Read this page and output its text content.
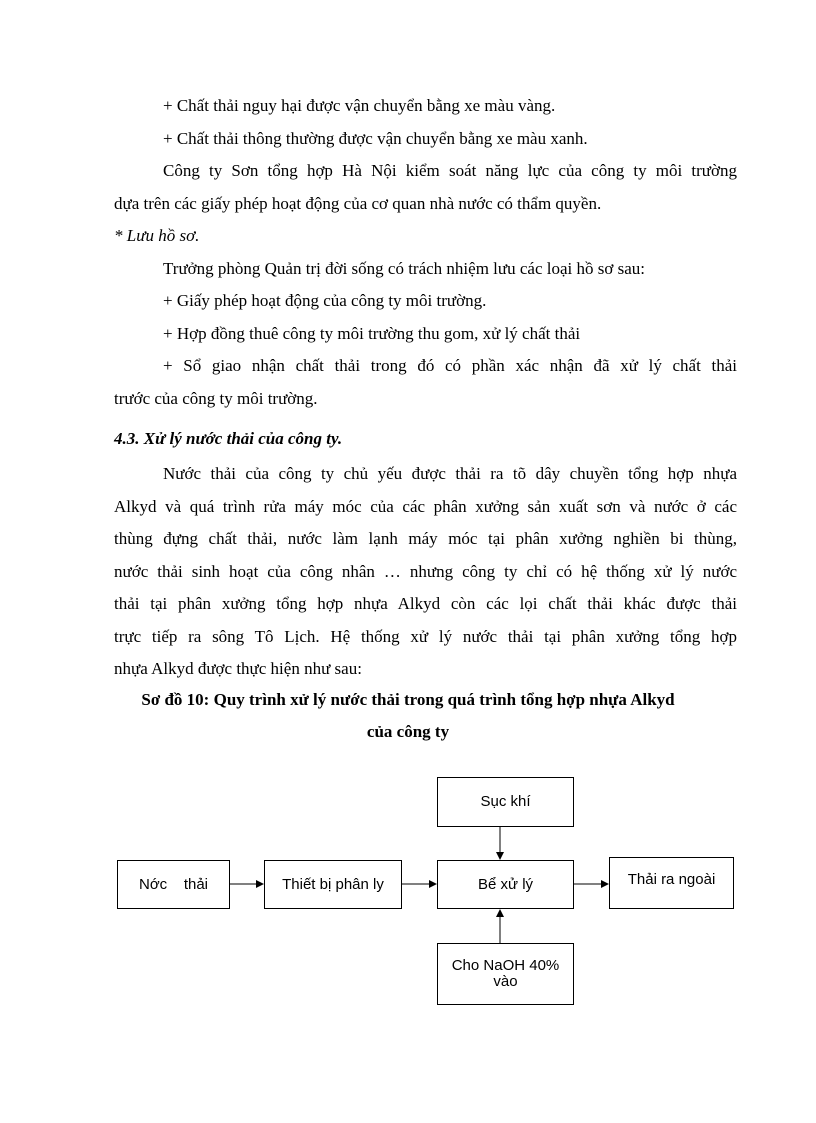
+ Chất thải nguy hại được vận chuyển bằng xe màu vàng.
+ Chất thải thông thường được vận chuyển bằng xe màu xanh.
Công ty Sơn tổng hợp Hà Nội kiểm soát năng lực của công ty môi trường
dựa trên các giấy phép hoạt động của cơ quan nhà nước có thẩm quyền.
* Lưu hồ sơ.
Trưởng phòng Quản trị đời sống có trách nhiệm lưu các loại hồ sơ sau:
+ Giấy phép hoạt động của công ty môi trường.
+ Hợp đồng thuê công ty môi trường thu gom, xử lý chất thải
+ Sổ giao nhận chất thải trong đó có phần xác nhận đã xử lý chất thải
trước của công ty môi trường.
4.3. Xử lý nước thải của công ty.
Nước thải của công ty chủ yếu được thải ra tõ dây chuyền tổng hợp nhựa
Alkyd và quá trình rửa máy móc của các phân xưởng sản xuất sơn và nước ở các
thùng đựng chất thải, nước làm lạnh máy móc tại phân xưởng nghiền bi thùng,
nước thải sinh hoạt của công nhân … nhưng công ty chỉ có hệ thống xử lý nước
thải tại phân xưởng tổng hợp nhựa Alkyd còn các lọi chất thải khác được thải
trực tiếp ra sông Tô Lịch. Hệ thống xử lý nước thải tại phân xưởng tổng hợp
nhựa Alkyd được thực hiện như sau:
Sơ đồ 10: Quy trình xử lý nước thải trong quá trình tổng hợp nhựa Alkyd
của công ty
Sục khí
Nớc    thải	Thiết bị phân ly	Bể xử lý	Thải ra ngoài
Cho NaOH 40% vào
